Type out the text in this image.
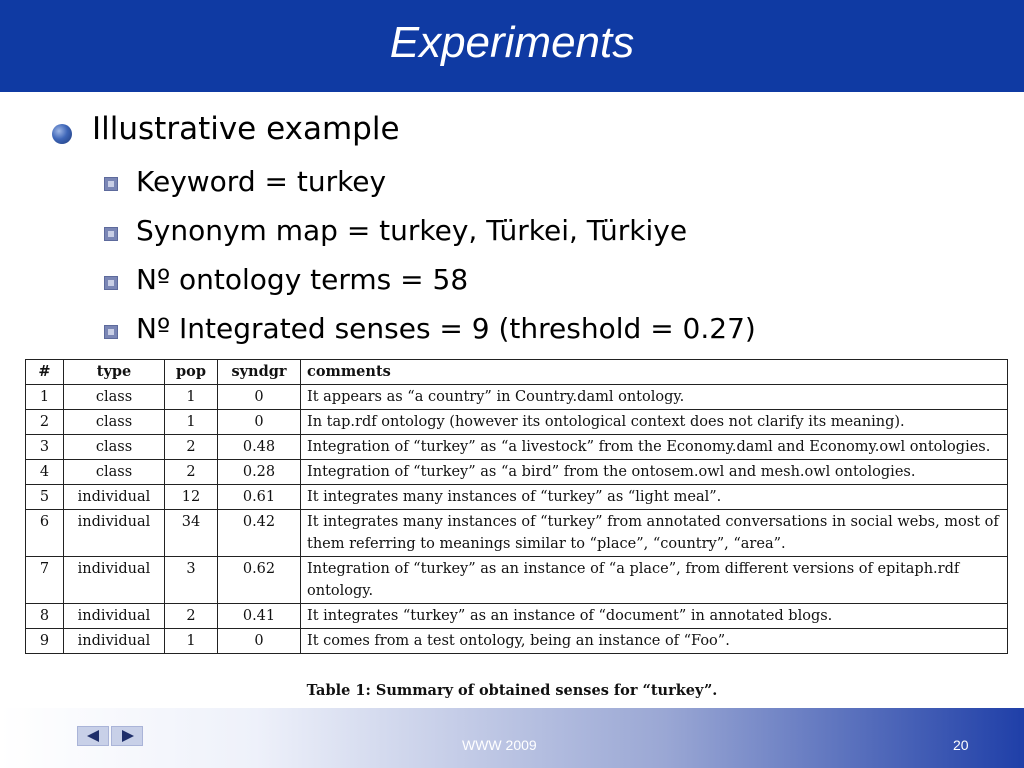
Experiments
Illustrative example
Keyword = turkey
Synonym map = turkey, Türkei, Türkiye
Nº ontology terms = 58
Nº Integrated senses = 9 (threshold = 0.27)
#	type	pop	syndgr	comments
1	class	1	0	It appears as “a country” in Country.daml ontology.
2	class	1	0	In tap.rdf ontology (however its ontological context does not clarify its meaning).
3	class	2	0.48	Integration of “turkey” as “a livestock” from the Economy.daml and Economy.owl ontologies.
4	class	2	0.28	Integration of “turkey” as “a bird” from the ontosem.owl and mesh.owl ontologies.
5	individual	12	0.61	It integrates many instances of “turkey” as “light meal”.
6	individual	34	0.42	It integrates many instances of “turkey” from annotated conversations in social webs, most of them referring to meanings similar to “place”, “country”, “area”.
7	individual	3	0.62	Integration of “turkey” as an instance of “a place”, from different versions of epitaph.rdf ontology.
8	individual	2	0.41	It integrates “turkey” as an instance of “document” in annotated blogs.
9	individual	1	0	It comes from a test ontology, being an instance of “Foo”.
Table 1: Summary of obtained senses for “turkey”.
WWW 2009	20
